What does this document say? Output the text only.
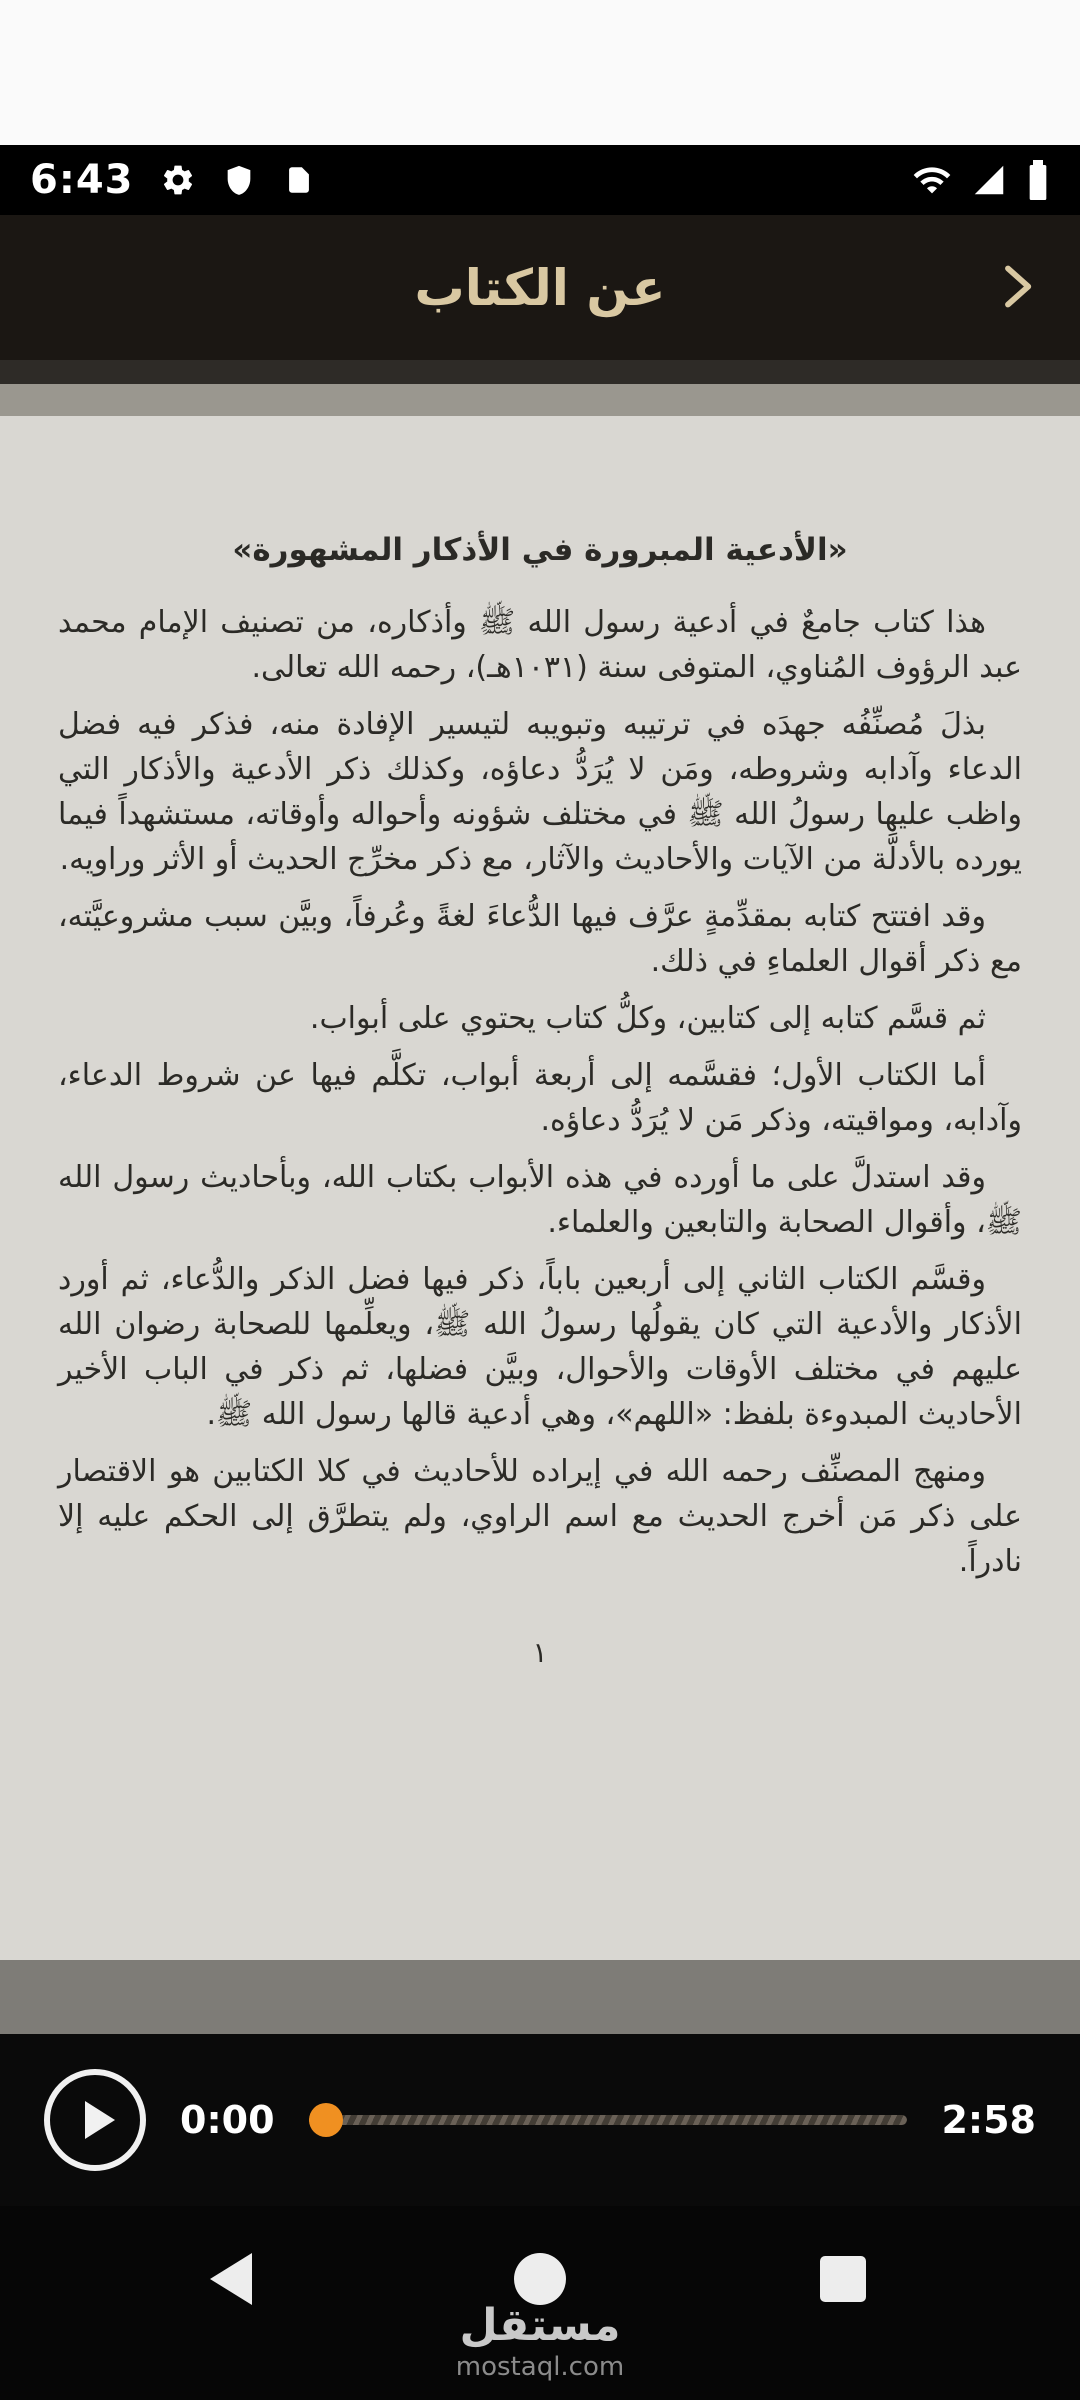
6:43
عن الكتاب
«الأدعية المبرورة في الأذكار المشهورة»

هذا كتاب جامعٌ في أدعية رسول الله ﷺ وأذكاره، من تصنيف الإمام محمد عبد الرؤوف المُناوي، المتوفى سنة (١٠٣١هـ)، رحمه الله تعالى.

بذلَ مُصنِّفُه جهدَه في ترتيبه وتبويبه لتيسير الإفادة منه، فذكر فيه فضل الدعاء وآدابه وشروطه، ومَن لا يُرَدُّ دعاؤه، وكذلك ذكر الأدعية والأذكار التي واظب عليها رسولُ الله ﷺ في مختلف شؤونه وأحواله وأوقاته، مستشهداً فيما يورده بالأدلَّة من الآيات والأحاديث والآثار، مع ذكر مخرِّج الحديث أو الأثر وراويه.

وقد افتتح كتابه بمقدِّمةٍ عرَّف فيها الدُّعاءَ لغةً وعُرفاً، وبيَّن سبب مشروعيَّته، مع ذكر أقوال العلماءِ في ذلك.

ثم قسَّم كتابه إلى كتابين، وكلُّ كتاب يحتوي على أبواب.

أما الكتاب الأول؛ فقسَّمه إلى أربعة أبواب، تكلَّم فيها عن شروط الدعاء، وآدابه، ومواقيته، وذكر مَن لا يُرَدُّ دعاؤه.

وقد استدلَّ على ما أورده في هذه الأبواب بكتاب الله، وبأحاديث رسول الله ﷺ، وأقوال الصحابة والتابعين والعلماء.

وقسَّم الكتاب الثاني إلى أربعين باباً، ذكر فيها فضل الذكر والدُّعاء، ثم أورد الأذكار والأدعية التي كان يقولُها رسولُ الله ﷺ، ويعلِّمها للصحابة رضوان الله عليهم في مختلف الأوقات والأحوال، وبيَّن فضلها، ثم ذكر في الباب الأخير الأحاديث المبدوءة بلفظ: «اللهم»، وهي أدعية قالها رسول الله ﷺ.

ومنهج المصنِّف رحمه الله في إيراده للأحاديث في كلا الكتابين هو الاقتصار على ذكر مَن أخرج الحديث مع اسم الراوي، ولم يتطرَّق إلى الحكم عليه إلا نادراً.

١
0:00	2:58
مستقل
mostaql.com
